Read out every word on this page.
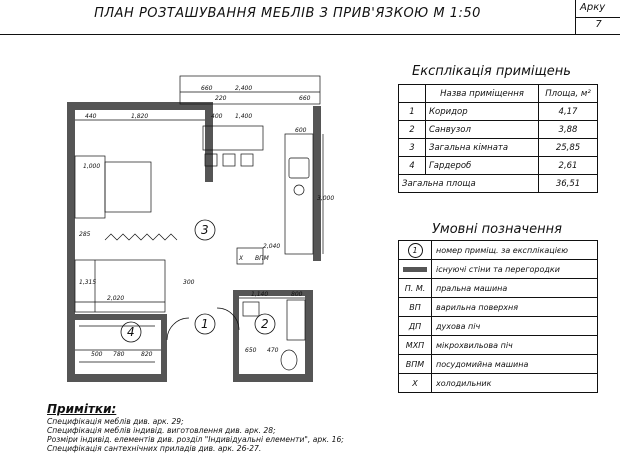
ПЛАН РОЗТАШУВАННЯ МЕБЛІВ З ПРИВ'ЯЗКОЮ М 1:50	Арку
7
3
1	2
4
2,400
660
660
220
440	1,820	400 1,400
1,000
600
3,000
2,040
1,140	800
2,020
300
500 780	820
650 470
1,315
285
Х ВПМ
Експлікація приміщень
	Назва приміщення	Площа, м²
1	Коридор	4,17
2	Санвузол	3,88
3	Загальна кімната	25,85
4	Гардероб	2,61
Загальна площа		36,51
Умовні позначення
1	номер приміщ. за експлікацією
	існуючі стіни та перегородки
П. М.	пральна машина
ВП	варильна поверхня
ДП	духова піч
МХП	мікрохвильова піч
ВПМ	посудомийна машина
Х	холодильник
Примітки:
Специфікація меблів див. арк. 29;
Специфікація меблів індивід. виготовлення див. арк. 28;
Розміри індивід. елементів див. розділ "Індивідуальні елементи", арк. 16;
Специфікація сантехнічних приладів див. арк. 26-27.
